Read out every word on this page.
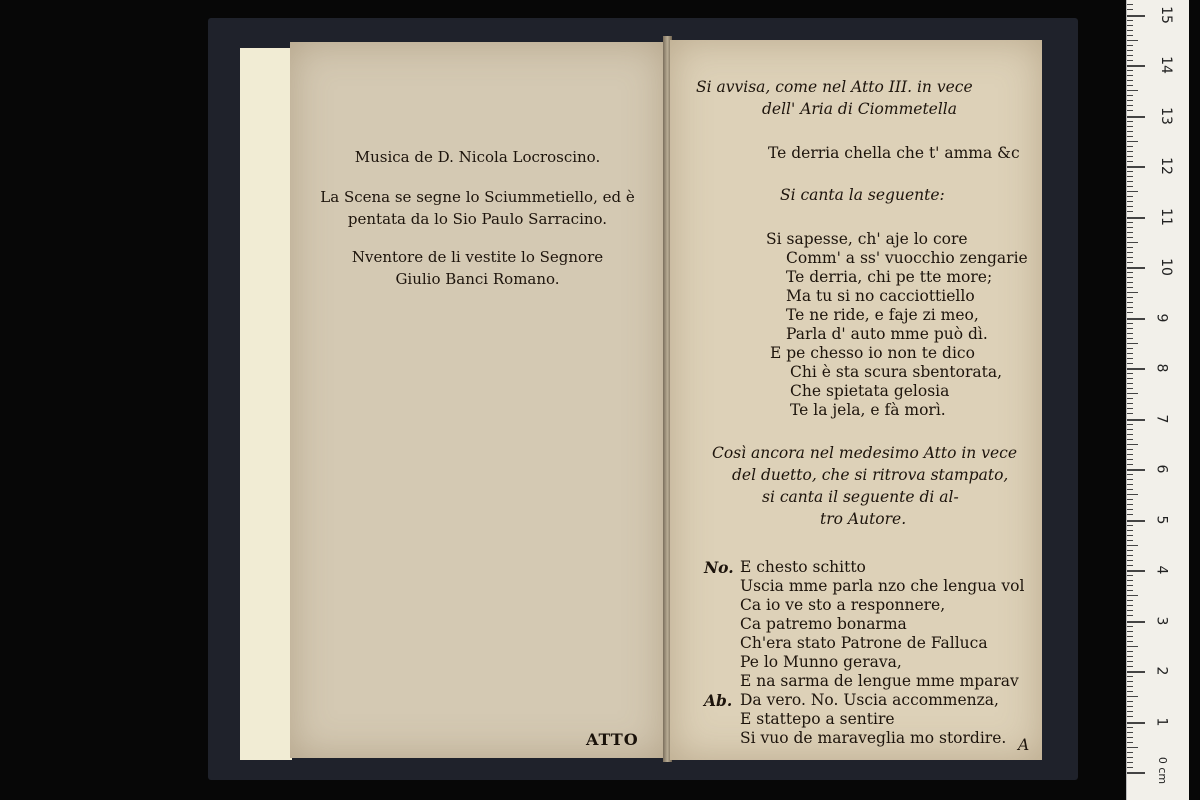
Musica de D. Nicola Locroscino.
La Scena se segne lo Sciummetiello, ed è
pentata da lo Sio Paulo Sarracino.
Nventore de li vestite lo Segnore
Giulio Banci Romano.
ATTO
Si avvisa, come nel Atto III. in vece
dell' Aria di Ciommetella
Te derria chella che t' amma &c
Si canta la seguente:
Si sapesse, ch' aje lo core
Comm' a ss' vuocchio zengarie
Te derria, chi pe tte more;
Ma tu si no cacciottiello
Te ne ride, e faje zi meo,
Parla d' auto mme può dì.
E pe chesso io non te dico
Chi è sta scura sbentorata,
Che spietata gelosia
Te la jela, e fà morì.
Così ancora nel medesimo Atto in vece
del duetto, che si ritrova stampato,
si canta il seguente di al-
tro Autore.
No. E chesto schitto
Uscia mme parla nzo che lengua vol
Ca io ve sto a responnere,
Ca patremo bonarma
Ch'era stato Patrone de Falluca
Pe lo Munno gerava,
E na sarma de lengue mme mparav
Ab. Da vero. No. Uscia accommenza,
E stattepo a sentire
Si vuo de maraveglia mo stordire. A
0 cm
1
2
3
4
5
6
7
8
9
10
11
12
13
14
15
